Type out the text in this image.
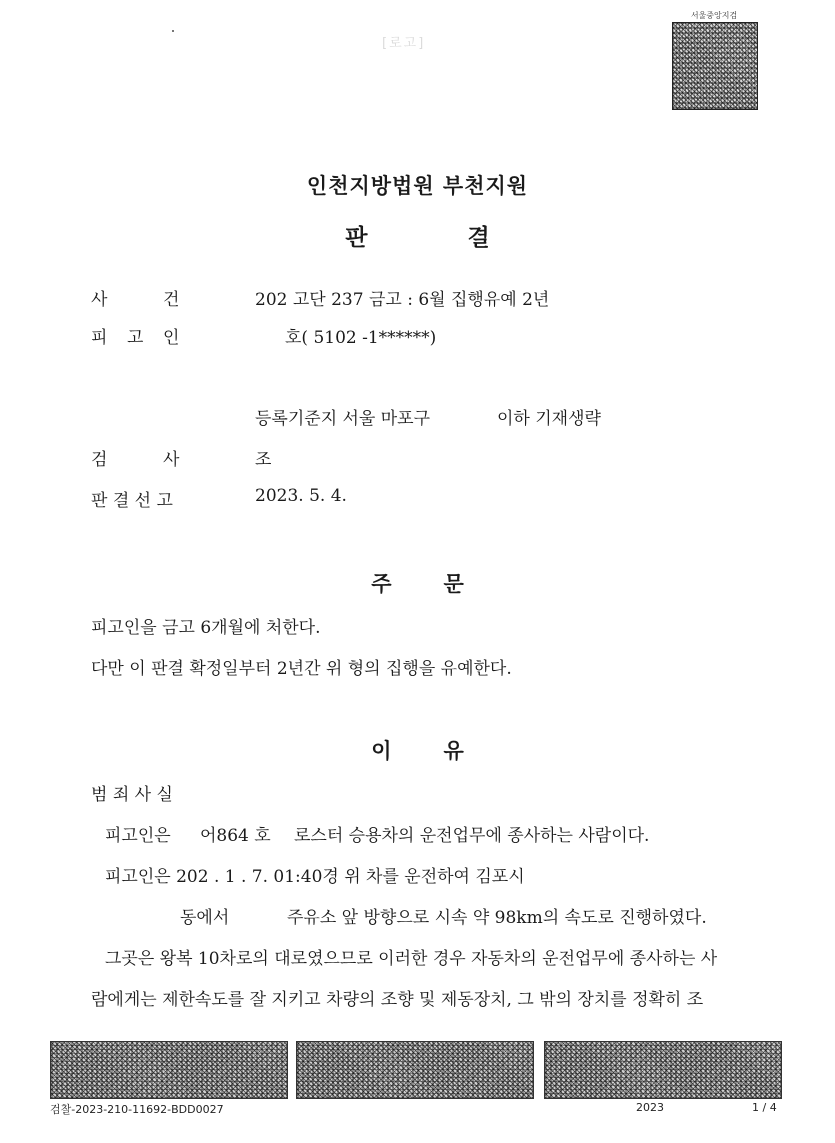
서울중앙지검
[로고]
인천지방법원 부천지원
판	결
사	건	202 고단 237 금고 : 6월 집행유예 2년
피 고 인	호( 5102 -1******)
등록기준지 서울 마포구	이하 기재생략
검	사	조
판 결 선 고	2023. 5. 4.
주 문
피고인을 금고 6개월에 처한다.
다만 이 판결 확정일부터 2년간 위 형의 집행을 유예한다.
이 유
범 죄 사 실
피고인은 어864 호 로스터 승용차의 운전업무에 종사하는 사람이다.
피고인은 202 . 1 . 7. 01:40경 위 차를 운전하여 김포시
동에서	주유소 앞 방향으로 시속 약 98km의 속도로 진행하였다.
그곳은 왕복 10차로의 대로였으므로 이러한 경우 자동차의 운전업무에 종사하는 사
람에게는 제한속도를 잘 지키고 차량의 조향 및 제동장치, 그 밖의 장치를 정확히 조
검찰-2023-210-11692-BDD0027	2023	1 / 4
